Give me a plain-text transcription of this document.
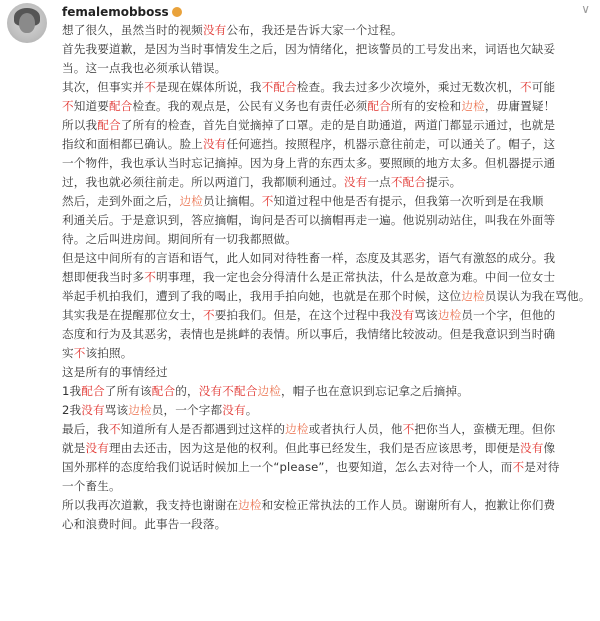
femalemobboss	∨
想了很久，虽然当时的视频没有公布，我还是告诉大家一个过程。
首先我要道歉，是因为当时事情发生之后，因为情绪化，把该警员的工号发出来，词语也欠缺妥
当。这一点我也必须承认错误。
其次，但事实并不是现在媒体所说，我不配合检查。我去过多少次境外，乘过无数次机，不可能
不知道要配合检查。我的观点是，公民有义务也有责任必须配合所有的安检和边检，毋庸置疑！
所以我配合了所有的检查，首先自觉摘掉了口罩。走的是自助通道，两道门都显示通过，也就是
指纹和面相都已确认。脸上没有任何遮挡。按照程序，机器示意往前走，可以通关了。帽子，这
一个物件，我也承认当时忘记摘掉。因为身上背的东西太多。要照顾的地方太多。但机器提示通
过，我也就必须往前走。所以两道门，我都顺利通过。没有一点不配合提示。
然后，走到外面之后，边检员让摘帽。不知道过程中他是否有提示，但我第一次听到是在我顺
利通关后。于是意识到，答应摘帽，询问是否可以摘帽再走一遍。他说别动站住，叫我在外面等
待。之后叫进房间。期间所有一切我都照做。
但是这中间所有的言语和语气，此人如同对待牲畜一样，态度及其恶劣，语气有激怒的成分。我
想即便我当时多不明事理，我一定也会分得清什么是正常执法，什么是故意为难。中间一位女士
举起手机拍我们，遭到了我的喝止，我用手拍向她，也就是在那个时候，这位边检员误认为我在骂他。
其实我是在提醒那位女士，不要拍我们。但是，在这个过程中我没有骂该边检员一个字，但他的
态度和行为及其恶劣，表情也是挑衅的表情。所以事后，我情绪比较波动。但是我意识到当时确
实不该拍照。
这是所有的事情经过
1我配合了所有该配合的，没有不配合边检，帽子也在意识到忘记拿之后摘掉。
2我没有骂该边检员，一个字都没有。
最后，我不知道所有人是否都遇到过这样的边检或者执行人员，他不把你当人，蛮横无理。但你
就是没有理由去还击，因为这是他的权利。但此事已经发生，我们是否应该思考，即便是没有像
国外那样的态度给我们说话时候加上一个“please”，也要知道，怎么去对待一个人，而不是对待
一个畜生。
所以我再次道歉，我支持也谢谢在边检和安检正常执法的工作人员。谢谢所有人，抱歉让你们费
心和浪费时间。此事告一段落。
